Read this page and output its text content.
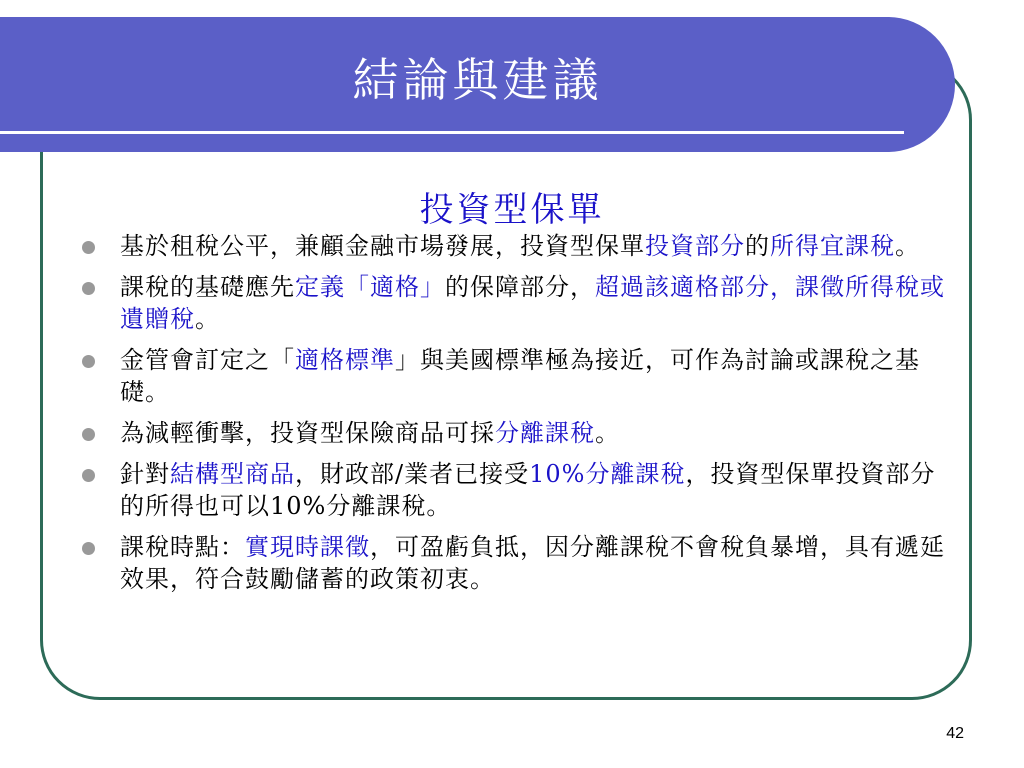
結論與建議
投資型保單
基於租稅公平，兼顧金融市場發展，投資型保單投資部分的所得宜課稅。
課稅的基礎應先定義「適格」的保障部分，超過該適格部分，課徵所得稅或遺贈稅。
金管會訂定之「適格標準」與美國標準極為接近，可作為討論或課稅之基礎。
為減輕衝擊，投資型保險商品可採分離課稅。
針對結構型商品，財政部/業者已接受10%分離課稅，投資型保單投資部分的所得也可以10%分離課稅。
課稅時點：實現時課徵，可盈虧負抵，因分離課稅不會稅負暴增，具有遞延效果，符合鼓勵儲蓄的政策初衷。
42
